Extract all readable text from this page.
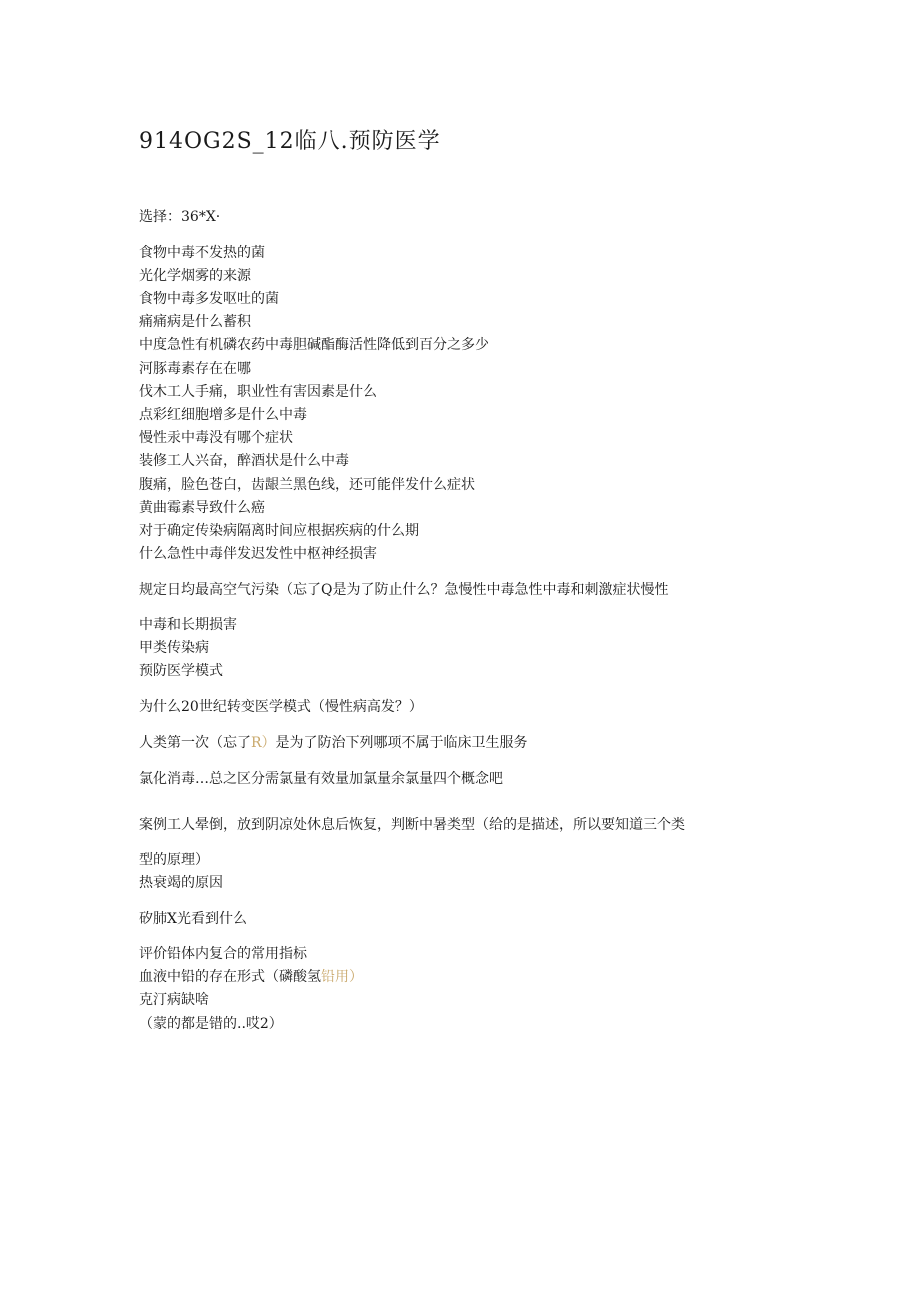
914OG2S_12临八.预防医学
选择：36*X·
食物中毒不发热的菌
光化学烟雾的来源
食物中毒多发呕吐的菌
痛痛病是什么蓄积
中度急性有机磷农药中毒胆碱酯酶活性降低到百分之多少
河豚毒素存在在哪
伐木工人手痛，职业性有害因素是什么
点彩红细胞增多是什么中毒
慢性汞中毒没有哪个症状
装修工人兴奋，醉酒状是什么中毒
腹痛，脸色苍白，齿龈兰黑色线，还可能伴发什么症状
黄曲霉素导致什么癌
对于确定传染病隔离时间应根据疾病的什么期
什么急性中毒伴发迟发性中枢神经损害
规定日均最高空气污染（忘了Q是为了防止什么？急慢性中毒急性中毒和刺激症状慢性
中毒和长期损害
甲类传染病
预防医学模式
为什么20世纪转变医学模式（慢性病高发？）
人类第一次（忘了R）是为了防治下列哪项不属于临床卫生服务
氯化消毒…总之区分需氯量有效量加氯量余氯量四个概念吧
案例工人晕倒，放到阴凉处休息后恢复，判断中暑类型（给的是描述，所以要知道三个类
型的原理）
热衰竭的原因
矽肺X光看到什么
评价铅体内复合的常用指标
血液中铅的存在形式（磷酸氢铅用）
克汀病缺啥
（蒙的都是错的..哎2）
